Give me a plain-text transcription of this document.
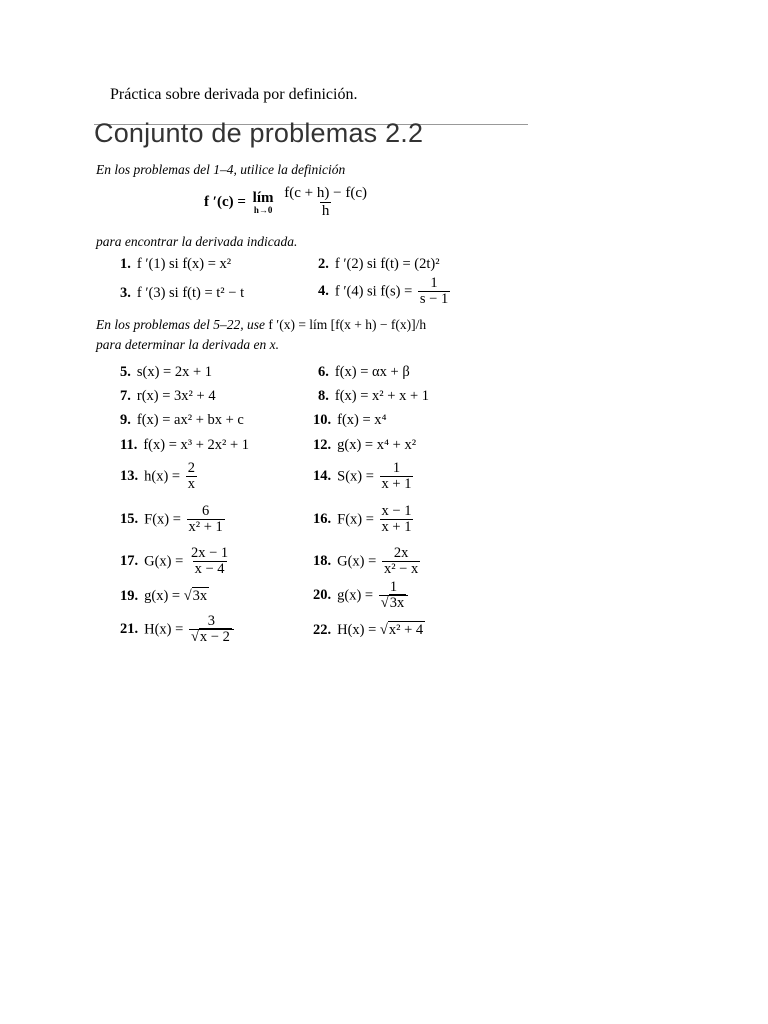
Práctica sobre derivada por definición.
Conjunto de problemas 2.2
En los problemas del 1–4, utilice la definición
f ′(c) = lím
h→0
$\frac{f(c + h) - f(c)}{h}$
para encontrar la derivada indicada.
1. f ′(1) si f(x) = x²	2. f ′(2) si f(t) = (2t)²
3. f ′(3) si f(t) = t² − t	4. f ′(4) si $f(s) = \frac{1}{s - 1}$
En los problemas del 5–22, use f ′(x) = lím [f(x + h) − f(x)]/h
para determinar la derivada en x.
5. s(x) = 2x + 1	6. f(x) = αx + β
7. r(x) = 3x² + 4	8. f(x) = x² + x + 1
9. f(x) = ax² + bx + c	10. f(x) = x⁴
11. f(x) = x³ + 2x² + 1	12. g(x) = x⁴ + x²
13. $h(x) = \frac{2}{x}$	14. $S(x) = \frac{1}{x + 1}$
15. $F(x) = \frac{6}{\text{x² + 1}}$	16. $F(x) = \frac{x - 1}{x + 1}$
17. $G(x) = \frac{2x - 1}{x - 4}$	18. $G(x) = \frac{2x}{\text{x² − x}}$
19. g(x) = √3x	20. $g(x) = \frac{1}{√3x}$
21. $H(x) = \frac{3}{√x - 2}$	22. H(x) = √x² + 4
